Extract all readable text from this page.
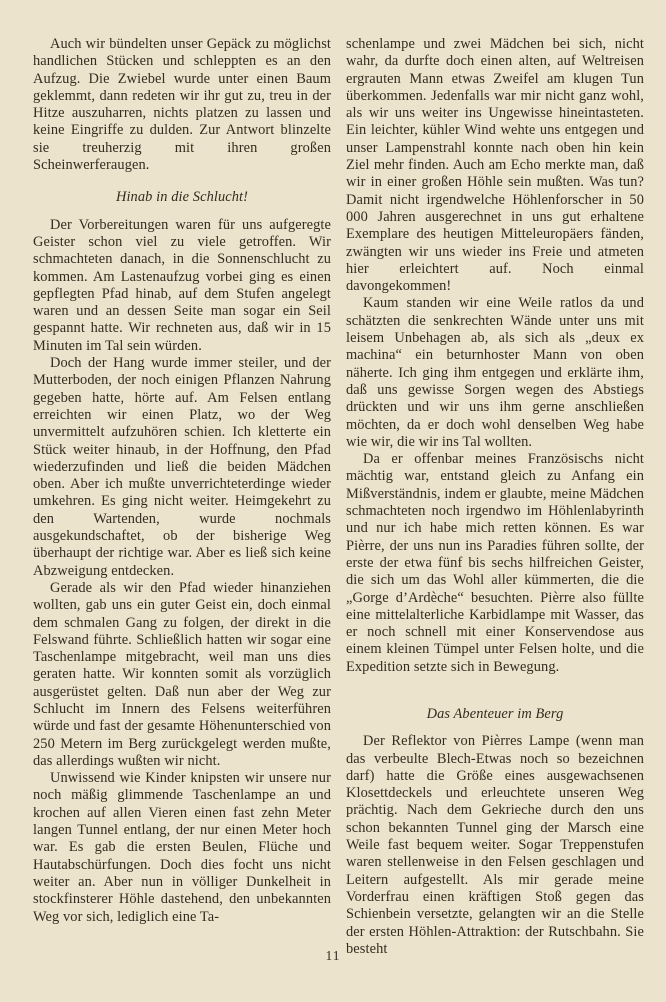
Auch wir bündelten unser Gepäck zu möglichst handlichen Stücken und schleppten es an den Aufzug. Die Zwiebel wurde unter einen Baum geklemmt, dann redeten wir ihr gut zu, treu in der Hitze auszuharren, nichts platzen zu lassen und keine Eingriffe zu dulden. Zur Antwort blinzelte sie treuherzig mit ihren großen Scheinwerferaugen.

Hinab in die Schlucht!

Der Vorbereitungen waren für uns aufgeregte Geister schon viel zu viele getroffen. Wir schmachteten danach, in die Sonnenschlucht zu kommen. Am Lastenaufzug vorbei ging es einen gepflegten Pfad hinab, auf dem Stufen angelegt waren und an dessen Seite man sogar ein Seil gespannt hatte. Wir rechneten aus, daß wir in 15 Minuten im Tal sein würden.

Doch der Hang wurde immer steiler, und der Mutterboden, der noch einigen Pflanzen Nahrung gegeben hatte, hörte auf. Am Felsen entlang erreichten wir einen Platz, wo der Weg unvermittelt aufzuhören schien. Ich kletterte ein Stück weiter hinaub, in der Hoffnung, den Pfad wiederzufinden und ließ die beiden Mädchen oben. Aber ich mußte unverrichteterdinge wieder umkehren. Es ging nicht weiter. Heimgekehrt zu den Wartenden, wurde nochmals ausgekundschaftet, ob der bisherige Weg überhaupt der richtige war. Aber es ließ sich keine Abzweigung entdecken.

Gerade als wir den Pfad wieder hinanziehen wollten, gab uns ein guter Geist ein, doch einmal dem schmalen Gang zu folgen, der direkt in die Felswand führte. Schließlich hatten wir sogar eine Taschenlampe mitgebracht, weil man uns dies geraten hatte. Wir konnten somit als vorzüglich ausgerüstet gelten. Daß nun aber der Weg zur Schlucht im Innern des Felsens weiterführen würde und fast der gesamte Höhenunterschied von 250 Metern im Berg zurückgelegt werden mußte, das allerdings wußten wir nicht.

Unwissend wie Kinder knipsten wir unsere nur noch mäßig glimmende Taschenlampe an und krochen auf allen Vieren einen fast zehn Meter langen Tunnel entlang, der nur einen Meter hoch war. Es gab die ersten Beulen, Flüche und Hautabschürfungen. Doch dies focht uns nicht weiter an. Aber nun in völliger Dunkelheit in stockfinsterer Höhle dastehend, den unbekannten Weg vor sich, lediglich eine Ta-

schenlampe und zwei Mädchen bei sich, nicht wahr, da durfte doch einen alten, auf Weltreisen ergrauten Mann etwas Zweifel am klugen Tun überkommen. Jedenfalls war mir nicht ganz wohl, als wir uns weiter ins Ungewisse hineintasteten. Ein leichter, kühler Wind wehte uns entgegen und unser Lampenstrahl konnte nach oben hin kein Ziel mehr finden. Auch am Echo merkte man, daß wir in einer großen Höhle sein mußten. Was tun? Damit nicht irgendwelche Höhlenforscher in 50 000 Jahren ausgerechnet in uns gut erhaltene Exemplare des heutigen Mitteleuropäers fänden, zwängten wir uns wieder ins Freie und atmeten hier erleichtert auf. Noch einmal davongekommen!

Kaum standen wir eine Weile ratlos da und schätzten die senkrechten Wände unter uns mit leisem Unbehagen ab, als sich als „deux ex machina“ ein beturnhoster Mann von oben näherte. Ich ging ihm entgegen und erklärte ihm, daß uns gewisse Sorgen wegen des Abstiegs drückten und wir uns ihm gerne anschließen möchten, da er doch wohl denselben Weg habe wie wir, die wir ins Tal wollten.

Da er offenbar meines Französischs nicht mächtig war, entstand gleich zu Anfang ein Mißverständnis, indem er glaubte, meine Mädchen schmachteten noch irgendwo im Höhlenlabyrinth und nur ich habe mich retten können. Es war Pièrre, der uns nun ins Paradies führen sollte, der erste der etwa fünf bis sechs hilfreichen Geister, die sich um das Wohl aller kümmerten, die die „Gorge d’Ardèche“ besuchten. Pièrre also füllte eine mittelalterliche Karbidlampe mit Wasser, das er noch schnell mit einer Konservendose aus einem kleinen Tümpel unter Felsen holte, und die Expedition setzte sich in Bewegung.

Das Abenteuer im Berg

Der Reflektor von Pièrres Lampe (wenn man das verbeulte Blech-Etwas noch so bezeichnen darf) hatte die Größe eines ausgewachsenen Klosettdeckels und erleuchtete unseren Weg prächtig. Nach dem Gekrieche durch den uns schon bekannten Tunnel ging der Marsch eine Weile fast bequem weiter. Sogar Treppenstufen waren stellenweise in den Felsen geschlagen und Leitern aufgestellt. Als mir gerade meine Vorderfrau einen kräftigen Stoß gegen das Schienbein versetzte, gelangten wir an die Stelle der ersten Höhlen-Attraktion: der Rutschbahn. Sie besteht

11
